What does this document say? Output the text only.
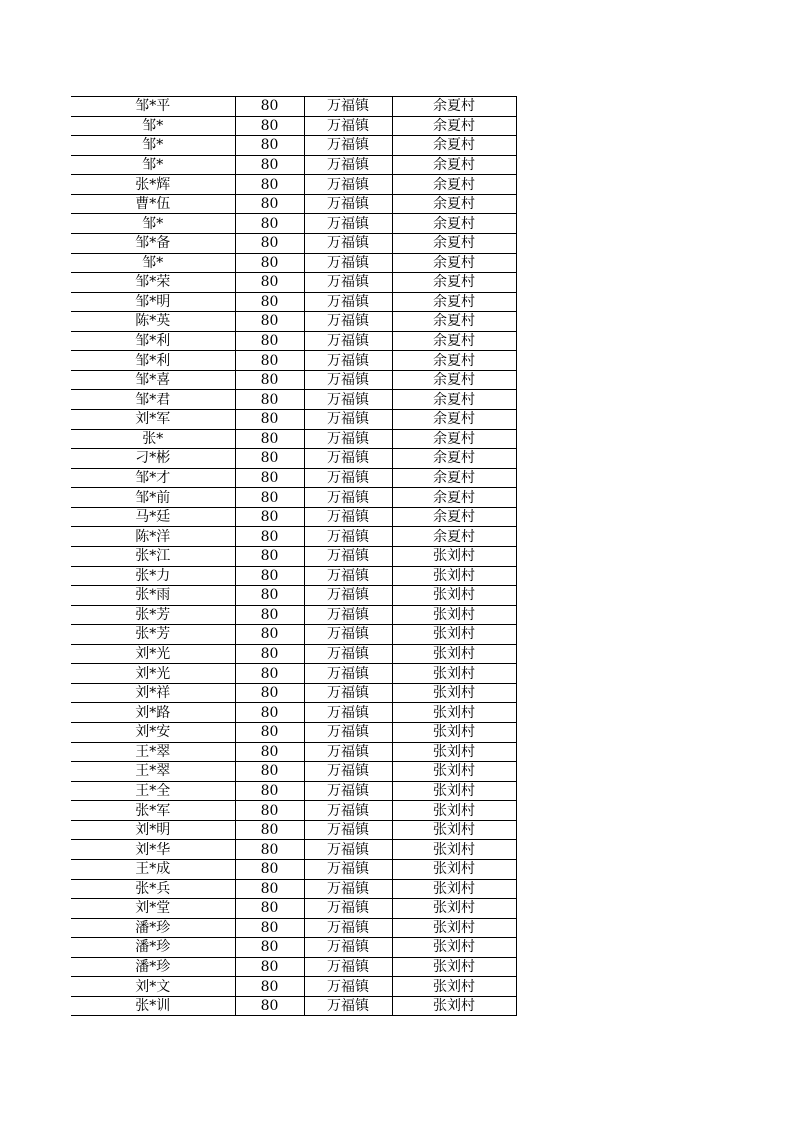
邹*平	80	万福镇	余夏村
邹*	80	万福镇	余夏村
邹*	80	万福镇	余夏村
邹*	80	万福镇	余夏村
张*辉	80	万福镇	余夏村
曹*伍	80	万福镇	余夏村
邹*	80	万福镇	余夏村
邹*备	80	万福镇	余夏村
邹*	80	万福镇	余夏村
邹*荣	80	万福镇	余夏村
邹*明	80	万福镇	余夏村
陈*英	80	万福镇	余夏村
邹*利	80	万福镇	余夏村
邹*利	80	万福镇	余夏村
邹*喜	80	万福镇	余夏村
邹*君	80	万福镇	余夏村
刘*军	80	万福镇	余夏村
张*	80	万福镇	余夏村
刁*彬	80	万福镇	余夏村
邹*才	80	万福镇	余夏村
邹*前	80	万福镇	余夏村
马*廷	80	万福镇	余夏村
陈*洋	80	万福镇	余夏村
张*江	80	万福镇	张刘村
张*力	80	万福镇	张刘村
张*雨	80	万福镇	张刘村
张*芳	80	万福镇	张刘村
张*芳	80	万福镇	张刘村
刘*光	80	万福镇	张刘村
刘*光	80	万福镇	张刘村
刘*祥	80	万福镇	张刘村
刘*路	80	万福镇	张刘村
刘*安	80	万福镇	张刘村
王*翠	80	万福镇	张刘村
王*翠	80	万福镇	张刘村
王*全	80	万福镇	张刘村
张*军	80	万福镇	张刘村
刘*明	80	万福镇	张刘村
刘*华	80	万福镇	张刘村
王*成	80	万福镇	张刘村
张*兵	80	万福镇	张刘村
刘*堂	80	万福镇	张刘村
潘*珍	80	万福镇	张刘村
潘*珍	80	万福镇	张刘村
潘*珍	80	万福镇	张刘村
刘*文	80	万福镇	张刘村
张*训	80	万福镇	张刘村
